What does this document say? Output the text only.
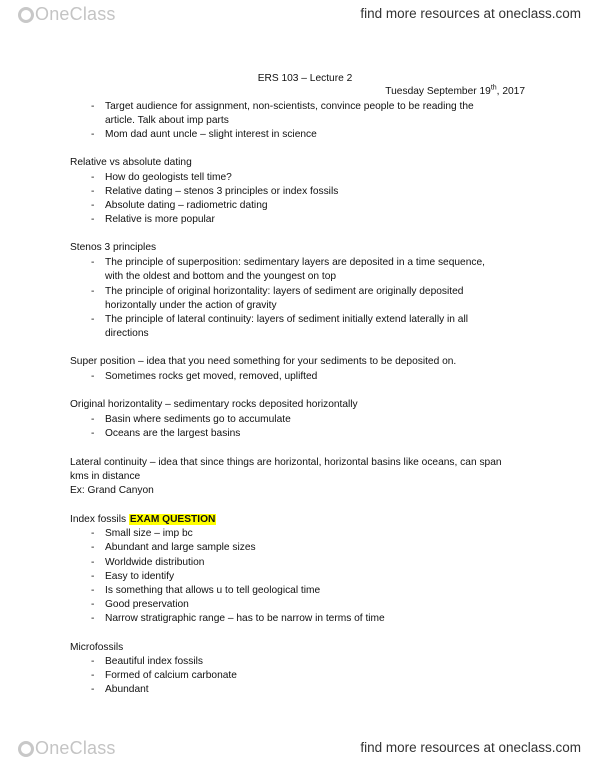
OneClass	find more resources at oneclass.com
ERS 103 – Lecture 2
Tuesday September 19th, 2017
- Target audience for assignment, non-scientists, convince people to be reading the
article. Talk about imp parts
- Mom dad aunt uncle – slight interest in science
Relative vs absolute dating
- How do geologists tell time?
- Relative dating – stenos 3 principles or index fossils
- Absolute dating – radiometric dating
- Relative is more popular
Stenos 3 principles
- The principle of superposition: sedimentary layers are deposited in a time sequence,
with the oldest and bottom and the youngest on top
- The principle of original horizontality: layers of sediment are originally deposited
horizontally under the action of gravity
- The principle of lateral continuity: layers of sediment initially extend laterally in all
directions
Super position – idea that you need something for your sediments to be deposited on.
- Sometimes rocks get moved, removed, uplifted
Original horizontality – sedimentary rocks deposited horizontally
- Basin where sediments go to accumulate
- Oceans are the largest basins
Lateral continuity – idea that since things are horizontal, horizontal basins like oceans, can span
kms in distance
Ex: Grand Canyon
Index fossils EXAM QUESTION
- Small size – imp bc
- Abundant and large sample sizes
- Worldwide distribution
- Easy to identify
- Is something that allows u to tell geological time
- Good preservation
- Narrow stratigraphic range – has to be narrow in terms of time
Microfossils
- Beautiful index fossils
- Formed of calcium carbonate
- Abundant
OneClass	find more resources at oneclass.com
